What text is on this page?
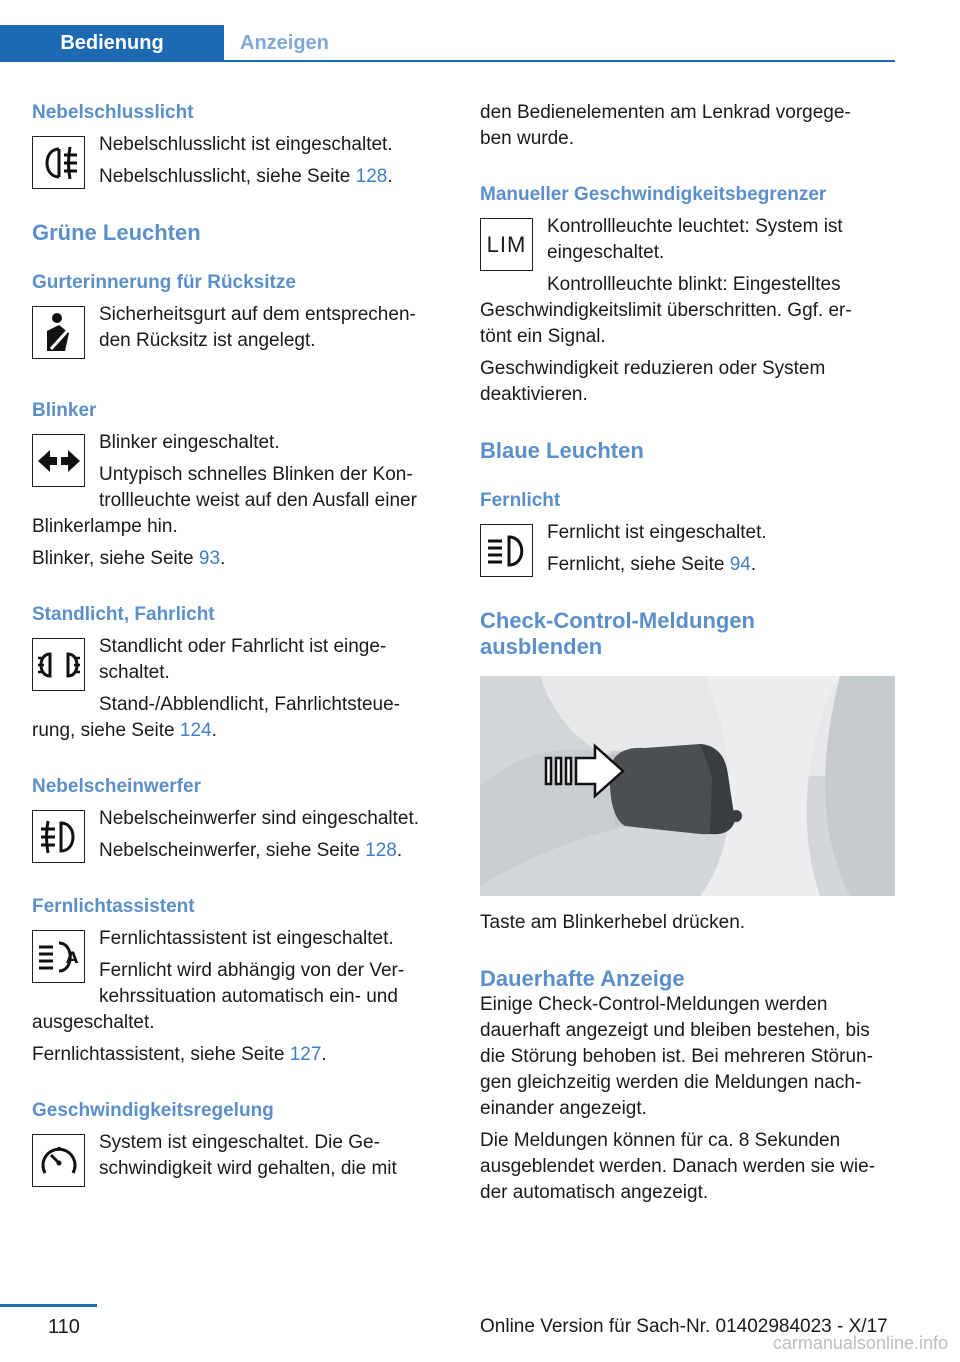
Bedienung	Anzeigen
Nebelschlusslicht

Nebelschlusslicht ist eingeschaltet.

Nebelschlusslicht, siehe Seite 128.

Grüne Leuchten
Gurterinnerung für Rücksitze

Sicherheitsgurt auf dem entsprechen-

den Rücksitz ist angelegt.

Blinker

Blinker eingeschaltet.

Untypisch schnelles Blinken der Kon-

trollleuchte weist auf den Ausfall einer

Blinkerlampe hin.

Blinker, siehe Seite 93.

Standlicht, Fahrlicht

Standlicht oder Fahrlicht ist einge-

schaltet.

Stand-/Abblendlicht, Fahrlichtsteue-

rung, siehe Seite 124.

Nebelscheinwerfer

Nebelscheinwerfer sind eingeschaltet.

Nebelscheinwerfer, siehe Seite 128.

Fernlichtassistent
A

Fernlichtassistent ist eingeschaltet.

Fernlicht wird abhängig von der Ver-

kehrssituation automatisch ein- und

ausgeschaltet.

Fernlichtassistent, siehe Seite 127.

Geschwindigkeitsregelung

System ist eingeschaltet. Die Ge-

schwindigkeit wird gehalten, die mit

den Bedienelementen am Lenkrad vorgege-

ben wurde.

Manueller Geschwindigkeitsbegrenzer
LIM

Kontrollleuchte leuchtet: System ist

eingeschaltet.

Kontrollleuchte blinkt: Eingestelltes

Geschwindigkeitslimit überschritten. Ggf. er-

tönt ein Signal.

Geschwindigkeit reduzieren oder System

deaktivieren.

Blaue Leuchten
Fernlicht

Fernlicht ist eingeschaltet.

Fernlicht, siehe Seite 94.

Check-Control-Meldungen
ausblenden

Taste am Blinkerhebel drücken.

Dauerhafte Anzeige

Einige Check-Control-Meldungen werden

dauerhaft angezeigt und bleiben bestehen, bis

die Störung behoben ist. Bei mehreren Störun-

gen gleichzeitig werden die Meldungen nach-

einander angezeigt.

Die Meldungen können für ca. 8 Sekunden

ausgeblendet werden. Danach werden sie wie-

der automatisch angezeigt.

110	Online Version für Sach-Nr. 01402984023 - X/17
carmanualsonline.info
